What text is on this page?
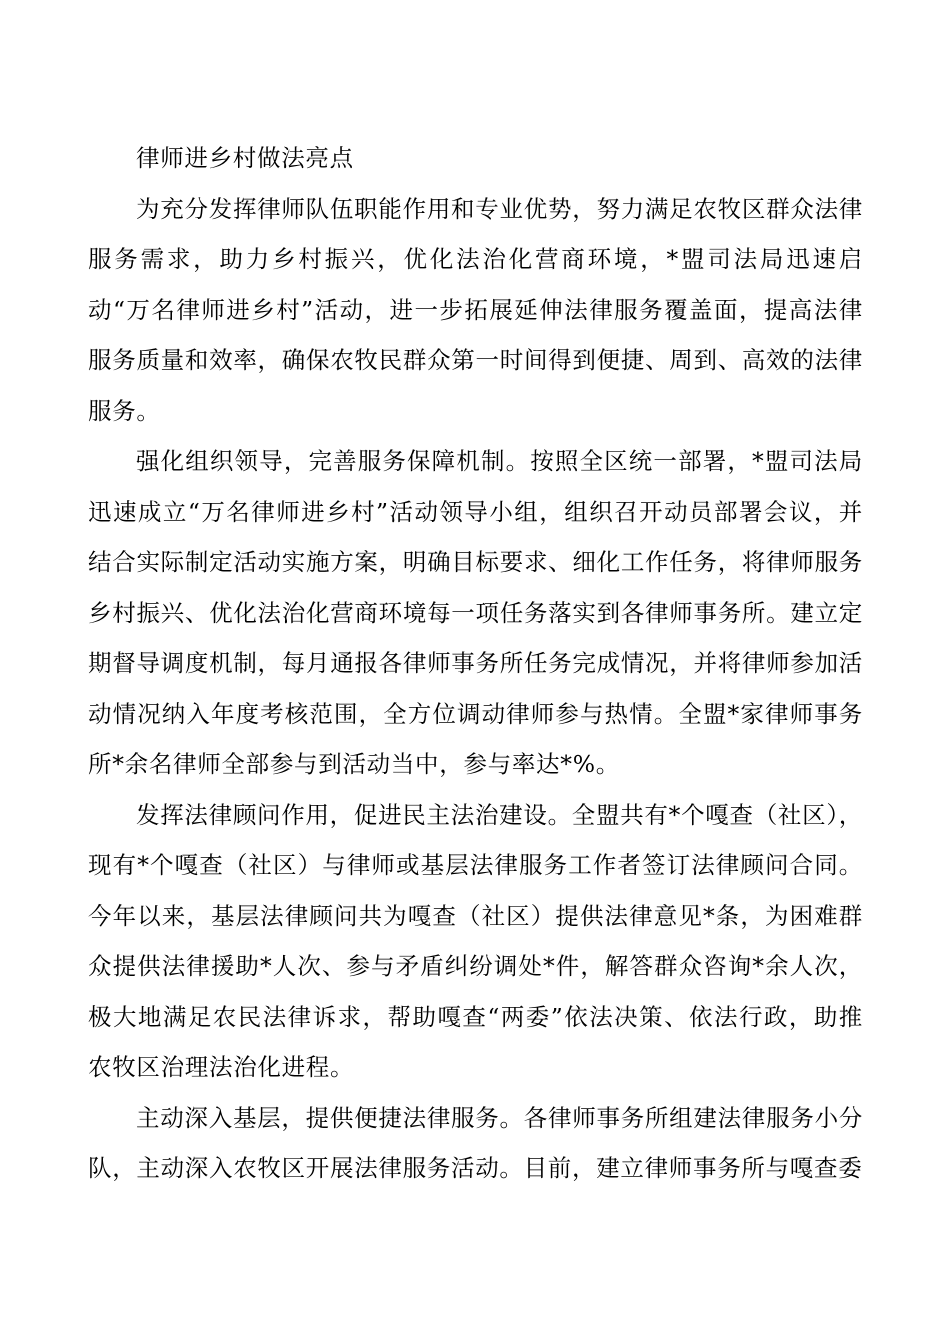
律师进乡村做法亮点

为充分发挥律师队伍职能作用和专业优势，努力满足农牧区群众法律服务需求，助力乡村振兴，优化法治化营商环境，*盟司法局迅速启动“万名律师进乡村”活动，进一步拓展延伸法律服务覆盖面，提高法律服务质量和效率，确保农牧民群众第一时间得到便捷、周到、高效的法律服务。

强化组织领导，完善服务保障机制。按照全区统一部署，*盟司法局迅速成立“万名律师进乡村”活动领导小组，组织召开动员部署会议，并结合实际制定活动实施方案，明确目标要求、细化工作任务，将律师服务乡村振兴、优化法治化营商环境每一项任务落实到各律师事务所。建立定期督导调度机制，每月通报各律师事务所任务完成情况，并将律师参加活动情况纳入年度考核范围，全方位调动律师参与热情。全盟*家律师事务所*余名律师全部参与到活动当中，参与率达*%。

发挥法律顾问作用，促进民主法治建设。全盟共有*个嘎查（社区），现有*个嘎查（社区）与律师或基层法律服务工作者签订法律顾问合同。今年以来，基层法律顾问共为嘎查（社区）提供法律意见*条，为困难群众提供法律援助*人次、参与矛盾纠纷调处*件，解答群众咨询*余人次，极大地满足农民法律诉求，帮助嘎查“两委”依法决策、依法行政，助推农牧区治理法治化进程。

主动深入基层，提供便捷法律服务。各律师事务所组建法律服务小分队，主动深入农牧区开展法律服务活动。目前，建立律师事务所与嘎查委
